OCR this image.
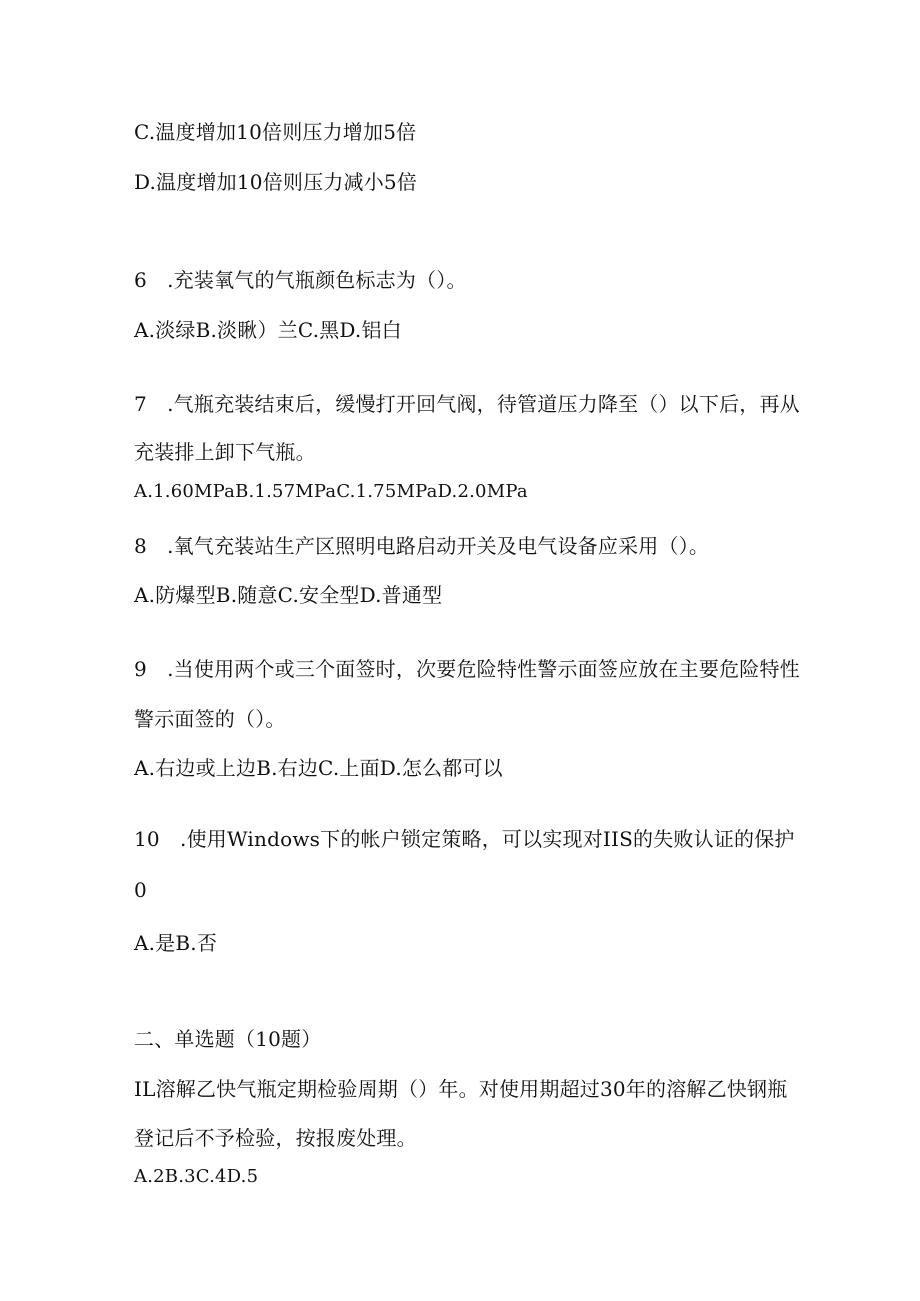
C.温度增加10倍则压力增加5倍
D.温度增加10倍则压力减小5倍
6　.充装氧气的气瓶颜色标志为（）。
A.淡绿B.淡瞅）兰C.黑D.铝白
7　.气瓶充装结束后，缓慢打开回气阀，待管道压力降至（）以下后，再从
充装排上卸下气瓶。
A.1.60MPaB.1.57MPaC.1.75MPaD.2.0MPa
8　.氧气充装站生产区照明电路启动开关及电气设备应采用（）。
A.防爆型B.随意C.安全型D.普通型
9　.当使用两个或三个面签时，次要危险特性警示面签应放在主要危险特性
警示面签的（）。
A.右边或上边B.右边C.上面D.怎么都可以
10　.使用Windows下的帐户锁定策略，可以实现对IIS的失败认证的保护
0
A.是B.否
二、单选题（10题）
IL溶解乙快气瓶定期检验周期（）年。对使用期超过30年的溶解乙快钢瓶
登记后不予检验，按报废处理。
A.2B.3C.4D.5
